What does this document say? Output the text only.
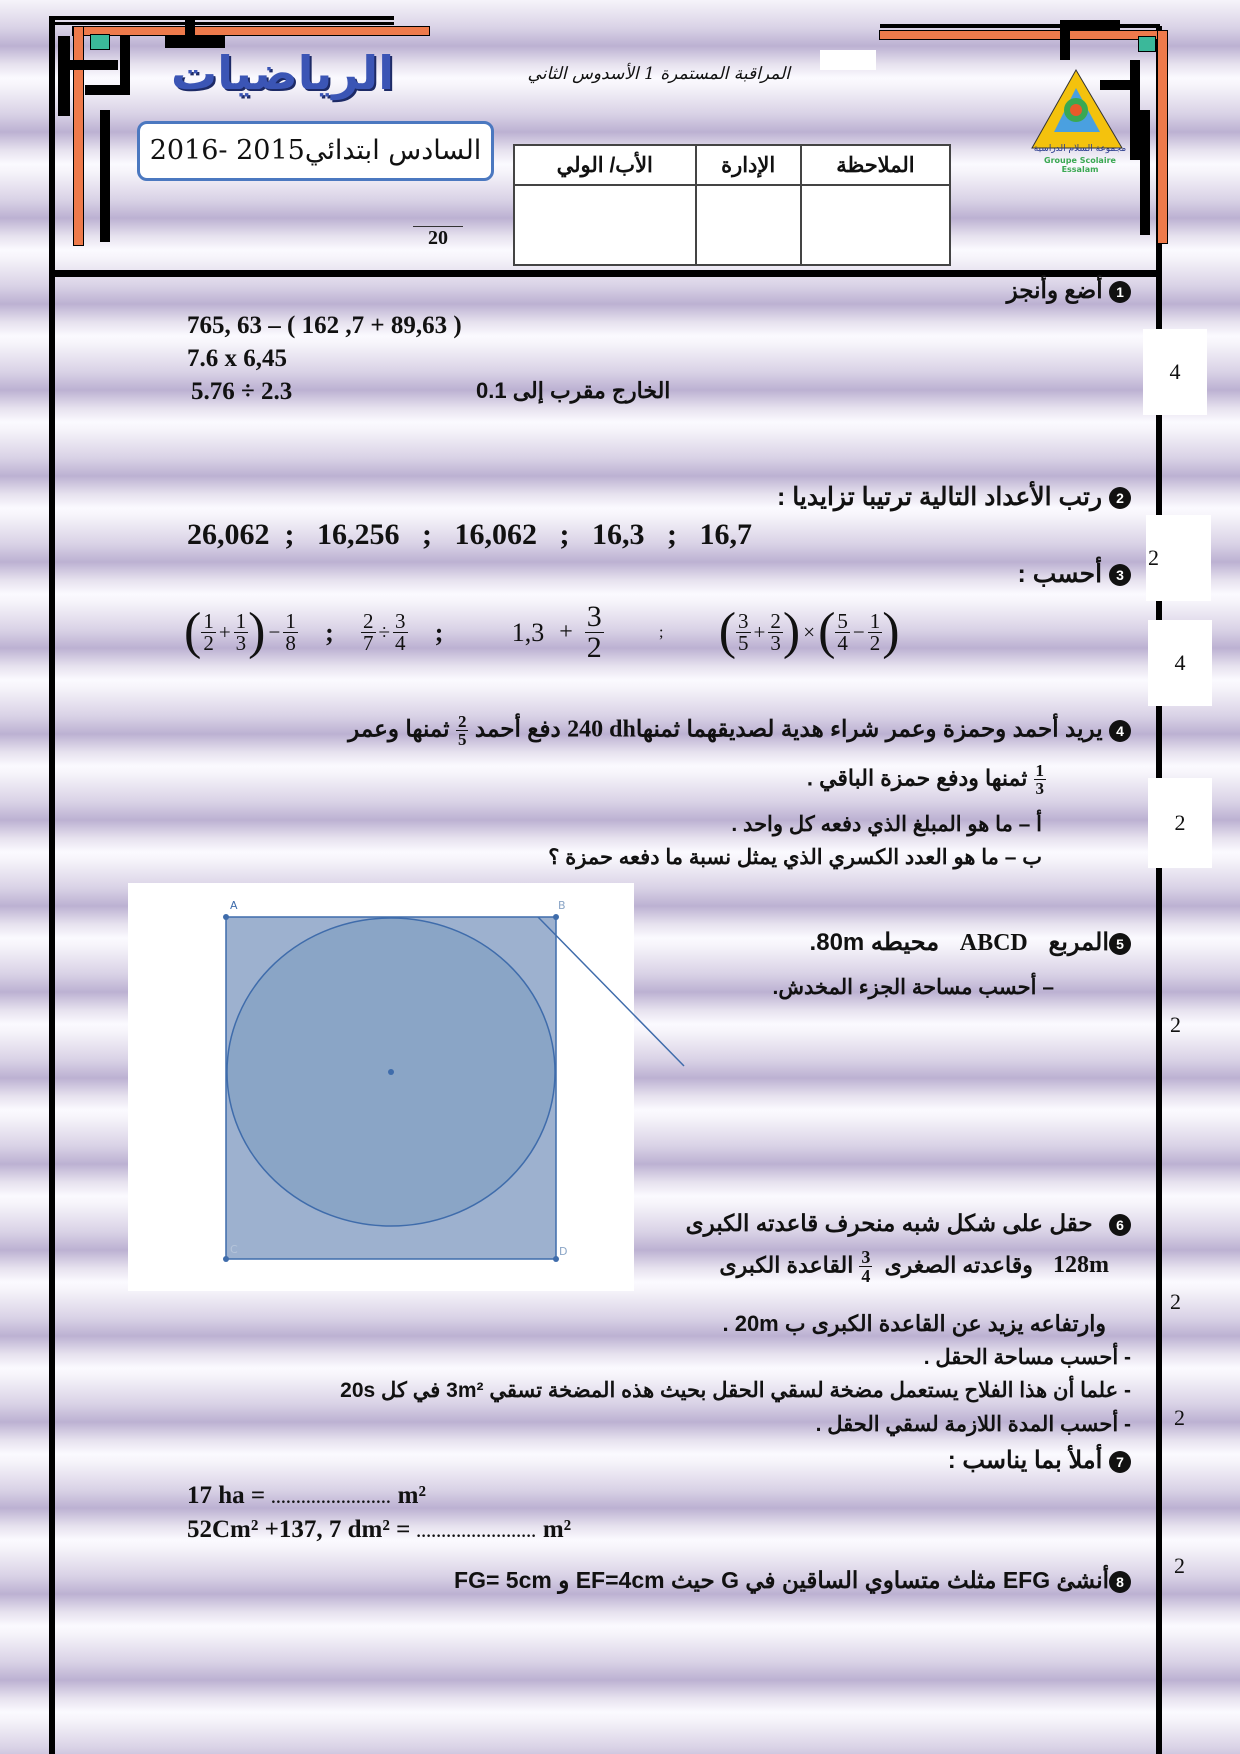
الرياضيات	المراقبة المستمرة 1 الأسدوس الثاني
السادس ابتدائي2015 -2016
20
الأب/ الولي	الإدارة	الملاحظة

مجموعة السلام الدراسية
Groupe Scolaire Essalam
4
2
4
2
2
2
2
2
1 أضع وأنجز
765, 63 – ( 162 ,7 + 89,63 )
7.6 x 6,45
5.76 ÷ 2.3	الخارج مقرب إلى 0.1
2 رتب الأعداد التالية ترتيبا تزايديا :
26,062  ;   16,256   ;   16,062   ;   16,3   ;   16,7
3 أحسب :
( $\frac{1}{2} + \frac{1}{3}$ ) − $\frac{1}{8}$ ; $\frac{2}{7} \div \frac{3}{4}$ ;	$1,3 + \frac{3}{2}$	; ( $\frac{3}{5} + \frac{2}{3}$ ) ×( $\frac{5}{4} - \frac{1}{2}$ )
4 يريد أحمد وحمزة وعمر شراء هدية لصديقهما ثمنها240 dh دفع أحمد
$\frac{2}{5}$
ثمنها وعمر
$\frac{1}{3}$
ثمنها ودفع حمزة الباقي .
أ – ما هو المبلغ الذي دفعه كل واحد .
ب – ما هو العدد الكسري الذي يمثل نسبة ما دفعه حمزة ؟
A	B
C	D
5المربع ABCD محيطه 80m.
– أحسب مساحة الجزء المخدش.
6 حقل على شكل شبه منحرف قاعدته الكبرى
128m وقاعدته الصغرى
$\frac{3}{4}$
القاعدة الكبرى
وارتفاعه يزيد عن القاعدة الكبرى ب 20m .
- أحسب مساحة الحقل .
- علما أن هذا الفلاح يستعمل مضخة لسقي الحقل بحيث هذه المضخة تسقي 3m² في كل 20s
- أحسب المدة اللازمة لسقي الحقل .
7 أملأ بما يناسب :
17 ha = ........................ m²
52Cm² +137, 7 dm² = ........................ m²
8أنشئ EFG مثلث متساوي الساقين في G حيث EF=4cm و FG= 5cm
